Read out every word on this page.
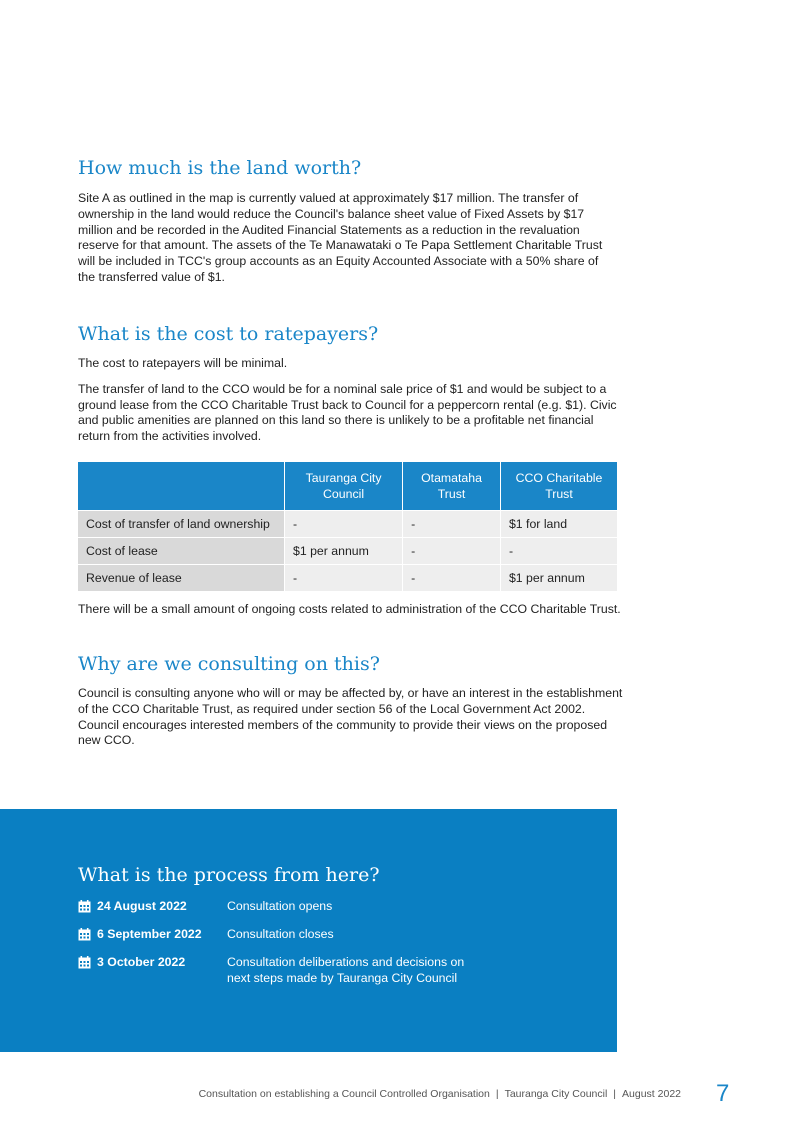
How much is the land worth?

Site A as outlined in the map is currently valued at approximately $17 million. The transfer of ownership in the land would reduce the Council's balance sheet value of Fixed Assets by $17 million and be recorded in the Audited Financial Statements as a reduction in the revaluation reserve for that amount. The assets of the Te Manawataki o Te Papa Settlement Charitable Trust will be included in TCC's group accounts as an Equity Accounted Associate with a 50% share of the transferred value of $1.

What is the cost to ratepayers?

The cost to ratepayers will be minimal.

The transfer of land to the CCO would be for a nominal sale price of $1 and would be subject to a ground lease from the CCO Charitable Trust back to Council for a peppercorn rental (e.g. $1). Civic and public amenities are planned on this land so there is unlikely to be a profitable net financial return from the activities involved.

	Tauranga City Council	Otamataha Trust	CCO Charitable Trust
Cost of transfer of land ownership	-	-	$1 for land
Cost of lease	$1 per annum	-	-
Revenue of lease	-	-	$1 per annum

There will be a small amount of ongoing costs related to administration of the CCO Charitable Trust.

Why are we consulting on this?

Council is consulting anyone who will or may be affected by, or have an interest in the establishment of the CCO Charitable Trust, as required under section 56 of the Local Government Act 2002. Council encourages interested members of the community to provide their views on the proposed new CCO.

What is the process from here?
24 August 2022	Consultation opens
6 September 2022 Consultation closes
3 October 2022	Consultation deliberations and decisions on next steps made by Tauranga City Council
Consultation on establishing a Council Controlled Organisation | Tauranga City Council | August 2022 7
